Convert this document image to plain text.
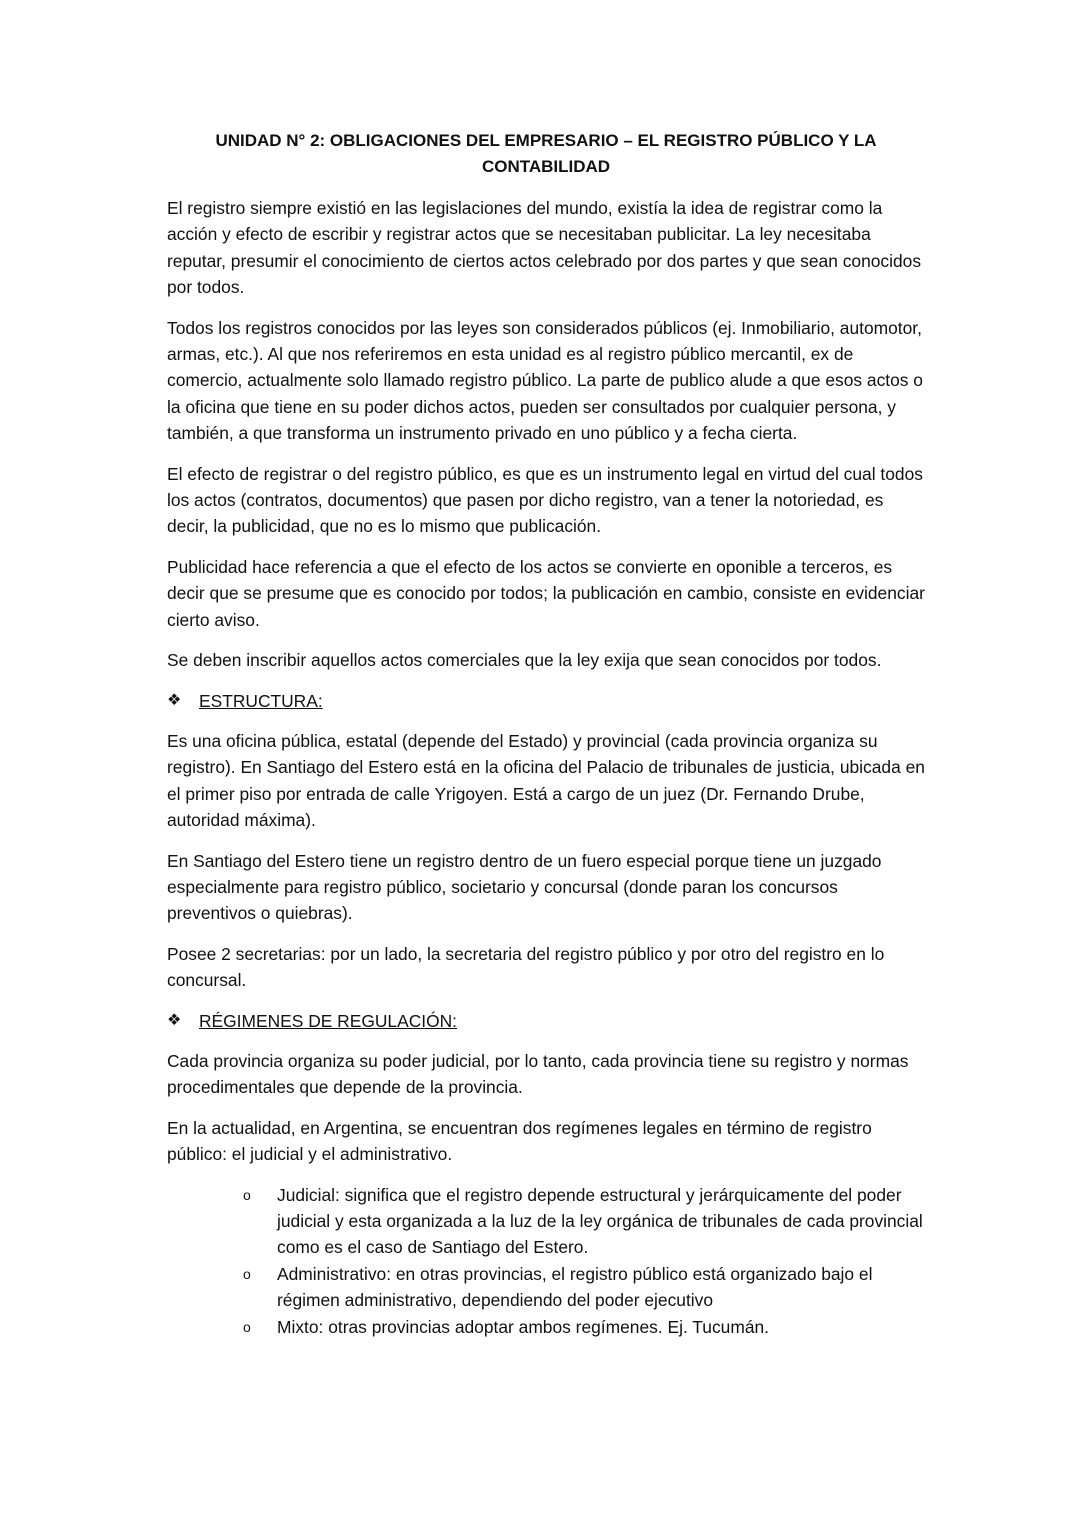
UNIDAD N° 2: OBLIGACIONES DEL EMPRESARIO – EL REGISTRO PÚBLICO Y LA
CONTABILIDAD

El registro siempre existió en las legislaciones del mundo, existía la idea de registrar como la acción y efecto de escribir y registrar actos que se necesitaban publicitar. La ley necesitaba reputar, presumir el conocimiento de ciertos actos celebrado por dos partes y que sean conocidos por todos.

Todos los registros conocidos por las leyes son considerados públicos (ej. Inmobiliario, automotor, armas, etc.). Al que nos referiremos en esta unidad es al registro público mercantil, ex de comercio, actualmente solo llamado registro público. La parte de publico alude a que esos actos o la oficina que tiene en su poder dichos actos, pueden ser consultados por cualquier persona, y también, a que transforma un instrumento privado en uno público y a fecha cierta.

El efecto de registrar o del registro público, es que es un instrumento legal en virtud del cual todos los actos (contratos, documentos) que pasen por dicho registro, van a tener la notoriedad, es decir, la publicidad, que no es lo mismo que publicación.

Publicidad hace referencia a que el efecto de los actos se convierte en oponible a terceros, es decir que se presume que es conocido por todos; la publicación en cambio, consiste en evidenciar cierto aviso.

Se deben inscribir aquellos actos comerciales que la ley exija que sean conocidos por todos.

❖	ESTRUCTURA:

Es una oficina pública, estatal (depende del Estado) y provincial (cada provincia organiza su registro). En Santiago del Estero está en la oficina del Palacio de tribunales de justicia, ubicada en el primer piso por entrada de calle Yrigoyen. Está a cargo de un juez (Dr. Fernando Drube, autoridad máxima).

En Santiago del Estero tiene un registro dentro de un fuero especial porque tiene un juzgado especialmente para registro público, societario y concursal (donde paran los concursos preventivos o quiebras).

Posee 2 secretarias: por un lado, la secretaria del registro público y por otro del registro en lo concursal.

❖	RÉGIMENES DE REGULACIÓN:

Cada provincia organiza su poder judicial, por lo tanto, cada provincia tiene su registro y normas procedimentales que depende de la provincia.

En la actualidad, en Argentina, se encuentran dos regímenes legales en término de registro público: el judicial y el administrativo.

o Judicial: significa que el registro depende estructural y jerárquicamente del poder judicial y esta organizada a la luz de la ley orgánica de tribunales de cada provincial como es el caso de Santiago del Estero.
o Administrativo: en otras provincias, el registro público está organizado bajo el régimen administrativo, dependiendo del poder ejecutivo
o Mixto: otras provincias adoptar ambos regímenes. Ej. Tucumán.
